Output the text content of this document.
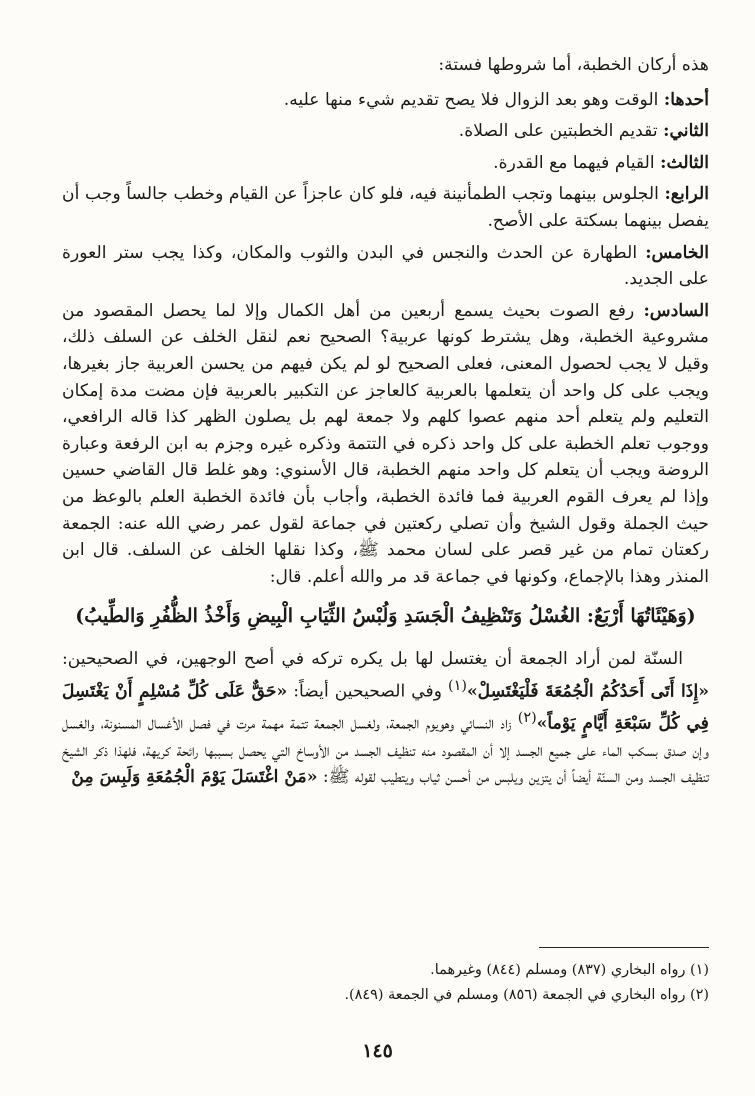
هذه أركان الخطبة، أما شروطها فستة:

أحدها: الوقت وهو بعد الزوال فلا يصح تقديم شيء منها عليه.

الثاني: تقديم الخطبتين على الصلاة.

الثالث: القيام فيهما مع القدرة.

الرابع: الجلوس بينهما وتجب الطمأنينة فيه، فلو كان عاجزاً عن القيام وخطب جالساً وجب أن يفصل بينهما بسكتة على الأصح.

الخامس: الطهارة عن الحدث والنجس في البدن والثوب والمكان، وكذا يجب ستر العورة على الجديد.

السادس: رفع الصوت بحيث يسمع أربعين من أهل الكمال وإلا لما يحصل المقصود من مشروعية الخطبة، وهل يشترط كونها عربية؟ الصحيح نعم لنقل الخلف عن السلف ذلك، وقيل لا يجب لحصول المعنى، فعلى الصحيح لو لم يكن فيهم من يحسن العربية جاز بغيرها، ويجب على كل واحد أن يتعلمها بالعربية كالعاجز عن التكبير بالعربية فإن مضت مدة إمكان التعليم ولم يتعلم أحد منهم عصوا كلهم ولا جمعة لهم بل يصلون الظهر كذا قاله الرافعي، ووجوب تعلم الخطبة على كل واحد ذكره في التتمة وذكره غيره وجزم به ابن الرفعة وعبارة الروضة ويجب أن يتعلم كل واحد منهم الخطبة، قال الأسنوي: وهو غلط قال القاضي حسين وإذا لم يعرف القوم العربية فما فائدة الخطبة، وأجاب بأن فائدة الخطبة العلم بالوعظ من حيث الجملة وقول الشيخ وأن تصلي ركعتين في جماعة لقول عمر رضي الله عنه: الجمعة ركعتان تمام من غير قصر على لسان محمد ﷺ، وكذا نقلها الخلف عن السلف. قال ابن المنذر وهذا بالإجماع، وكونها في جماعة قد مر والله أعلم. قال:

(وَهَيْئَاتُهَا أَرْبَعٌ: الغُسْلُ وَتَنْظِيفُ الْجَسَدِ وَلُبْسُ الثِّيَابِ الْبِيضِ وَأَخْذُ الظُّفُرِ وَالطِّيبُ)

السنّة لمن أراد الجمعة أن يغتسل لها بل يكره تركه في أصح الوجهين، في الصحيحين: «إِذَا أَتَى أَحَدُكُمُ الْجُمُعَةَ فَلْيَغْتَسِلْ»$^{(١)}$ وفي الصحيحين أيضاً: «حَقٌّ عَلَى كُلِّ مُسْلِمٍ أَنْ يَغْتَسِلَ فِي كُلِّ سَبْعَةِ أَيَّامٍ يَوْماً»$^{(٢)}$ زاد النسائي وهويوم الجمعة، ولغسل الجمعة تتمة مهمة مرت في فصل الأغسال المسنونة، والغسل وإن صدق بسكب الماء على جميع الجسد إلا أن المقصود منه تنظيف الجسد من الأوساخ التي يحصل بسببها رائحة كريهة، فلهذا ذكر الشيخ تنظيف الجسد ومن السنّة أيضاً أن يتزين ويلبس من أحسن ثياب ويتطيب لقوله ﷺ: «مَنْ اغْتَسَلَ يَوْمَ الْجُمُعَةِ وَلَبِسَ مِنْ

(١) رواه البخاري (٨٣٧) ومسلم (٨٤٤) وغيرهما.

(٢) رواه البخاري في الجمعة (٨٥٦) ومسلم في الجمعة (٨٤٩).

١٤٥
